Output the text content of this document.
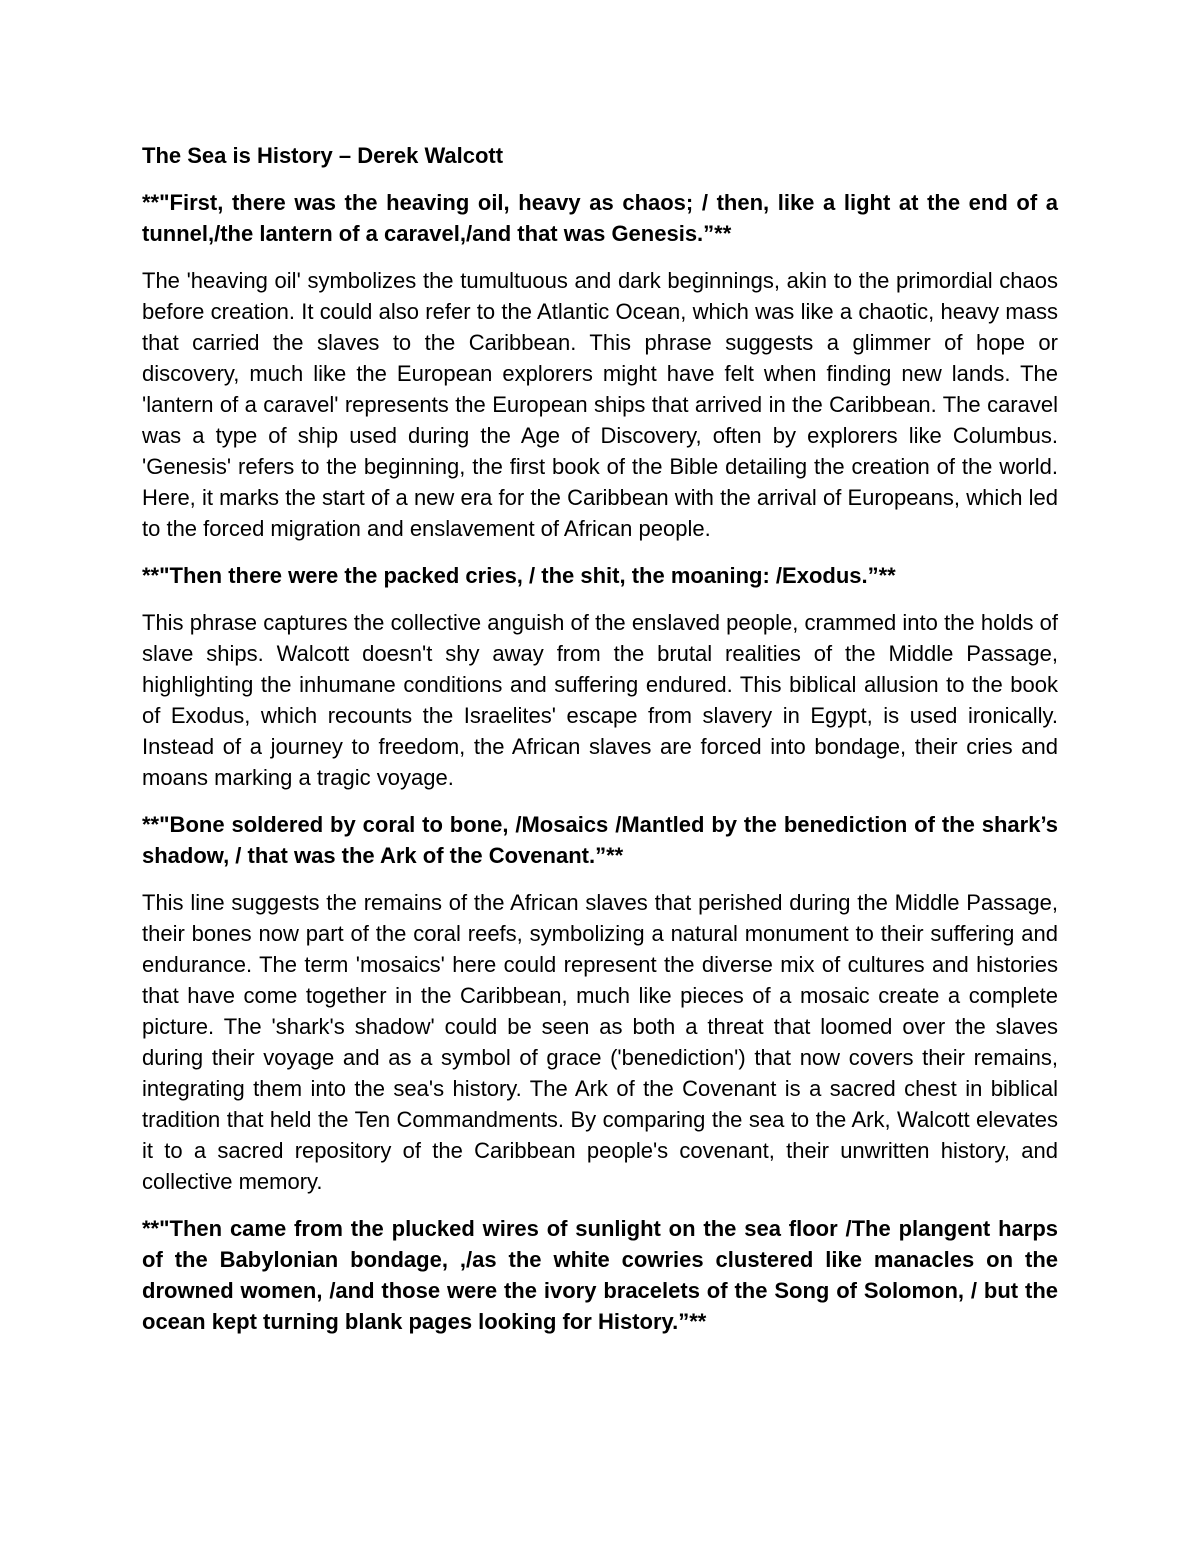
The Sea is History – Derek Walcott
**"First, there was the heaving oil, heavy as chaos; / then, like a light at the end of a tunnel,/the lantern of a caravel,/and that was Genesis.”**
The 'heaving oil' symbolizes the tumultuous and dark beginnings, akin to the primordial chaos before creation. It could also refer to the Atlantic Ocean, which was like a chaotic, heavy mass that carried the slaves to the Caribbean. This phrase suggests a glimmer of hope or discovery, much like the European explorers might have felt when finding new lands. The 'lantern of a caravel' represents the European ships that arrived in the Caribbean. The caravel was a type of ship used during the Age of Discovery, often by explorers like Columbus. 'Genesis' refers to the beginning, the first book of the Bible detailing the creation of the world. Here, it marks the start of a new era for the Caribbean with the arrival of Europeans, which led to the forced migration and enslavement of African people.
**"Then there were the packed cries, / the shit, the moaning: /Exodus.”**
This phrase captures the collective anguish of the enslaved people, crammed into the holds of slave ships. Walcott doesn't shy away from the brutal realities of the Middle Passage, highlighting the inhumane conditions and suffering endured. This biblical allusion to the book of Exodus, which recounts the Israelites' escape from slavery in Egypt, is used ironically. Instead of a journey to freedom, the African slaves are forced into bondage, their cries and moans marking a tragic voyage.
**"Bone soldered by coral to bone, /Mosaics /Mantled by the benediction of the shark’s shadow, / that was the Ark of the Covenant.”**
This line suggests the remains of the African slaves that perished during the Middle Passage, their bones now part of the coral reefs, symbolizing a natural monument to their suffering and endurance. The term 'mosaics' here could represent the diverse mix of cultures and histories that have come together in the Caribbean, much like pieces of a mosaic create a complete picture. The 'shark's shadow' could be seen as both a threat that loomed over the slaves during their voyage and as a symbol of grace ('benediction') that now covers their remains, integrating them into the sea's history. The Ark of the Covenant is a sacred chest in biblical tradition that held the Ten Commandments. By comparing the sea to the Ark, Walcott elevates it to a sacred repository of the Caribbean people's covenant, their unwritten history, and collective memory.
**"Then came from the plucked wires of sunlight on the sea floor /The plangent harps of the Babylonian bondage, ,/as the white cowries clustered like manacles on the drowned women, /and those were the ivory bracelets of the Song of Solomon, / but the ocean kept turning blank pages looking for History.”**
